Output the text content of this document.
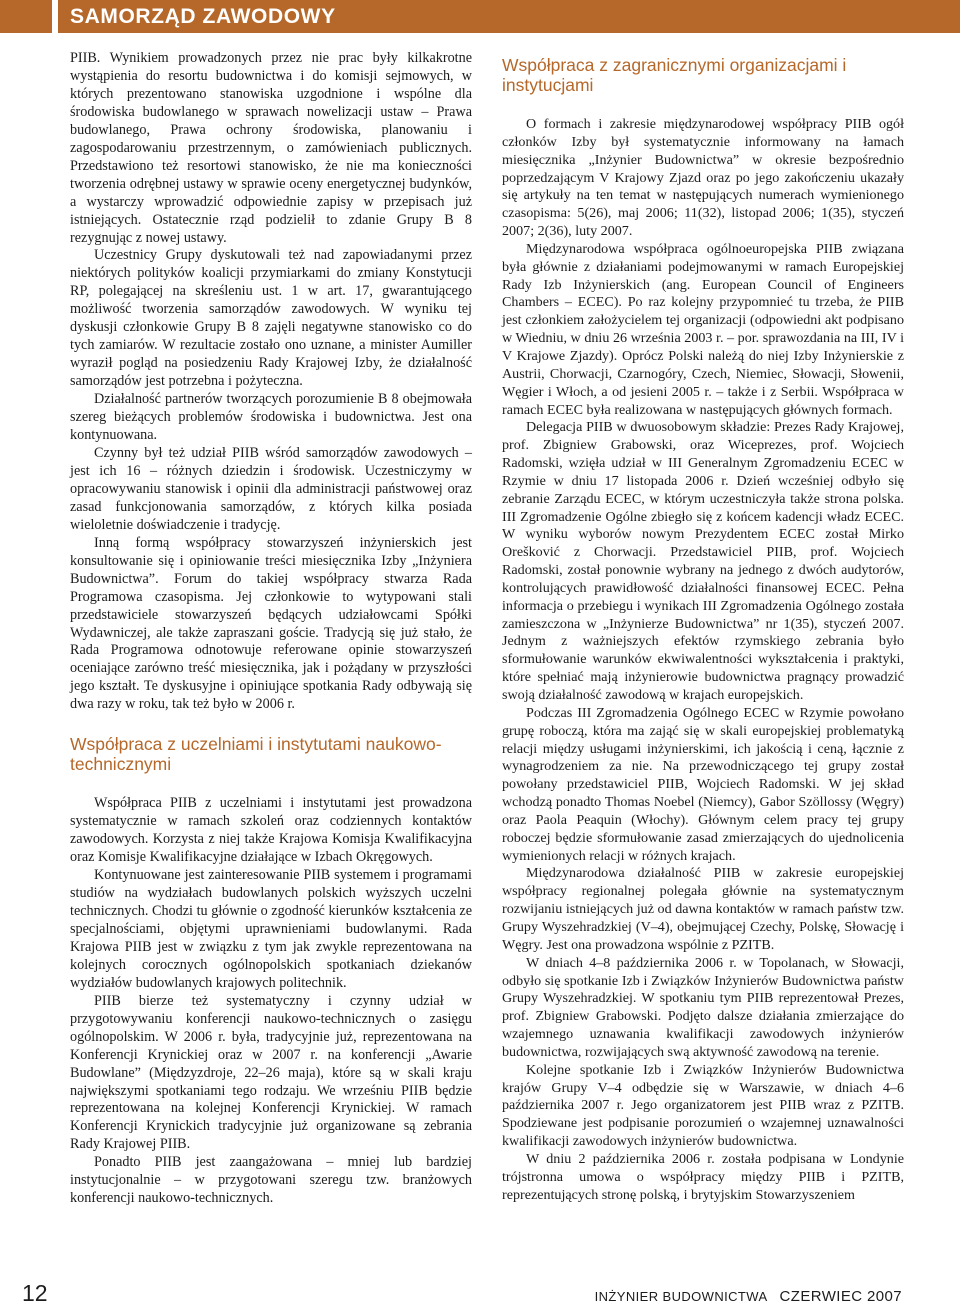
SAMORZĄD ZAWODOWY

PIIB. Wynikiem prowadzonych przez nie prac były kilkakrotne wystąpienia do resortu budownictwa i do komisji sejmowych, w których prezentowano stanowiska uzgodnione i wspólne dla środowiska budowlanego w sprawach nowelizacji ustaw – Prawa budowlanego, Prawa ochrony środowiska, planowaniu i zagospodarowaniu przestrzennym, o zamówieniach publicznych. Przedstawiono też resortowi stanowisko, że nie ma konieczności tworzenia odrębnej ustawy w sprawie oceny energetycznej budynków, a wystarczy wprowadzić odpowiednie zapisy w przepisach już istniejących. Ostatecznie rząd podzielił to zdanie Grupy B 8 rezygnując z nowej ustawy.

Uczestnicy Grupy dyskutowali też nad zapowiadanymi przez niektórych polityków koalicji przymiarkami do zmiany Konstytucji RP, polegającej na skreśleniu ust. 1 w art. 17, gwarantującego możliwość tworzenia samorządów zawodowych. W wyniku tej dyskusji członkowie Grupy B 8 zajęli negatywne stanowisko co do tych zamiarów. W rezultacie zostało ono uznane, a minister Aumiller wyraził pogląd na posiedzeniu Rady Krajowej Izby, że działalność samorządów jest potrzebna i pożyteczna.

Działalność partnerów tworzących porozumienie B 8 obejmowała szereg bieżących problemów środowiska i budownictwa. Jest ona kontynuowana.

Czynny był też udział PIIB wśród samorządów zawodowych – jest ich 16 – różnych dziedzin i środowisk. Uczestniczymy w opracowywaniu stanowisk i opinii dla administracji państwowej oraz zasad funkcjonowania samorządów, z których kilka posiada wieloletnie doświadczenie i tradycję.

Inną formą współpracy stowarzyszeń inżynierskich jest konsultowanie się i opiniowanie treści miesięcznika Izby „Inżyniera Budownictwa”. Forum do takiej współpracy stwarza Rada Programowa czasopisma. Jej członkowie to wytypowani stali przedstawiciele stowarzyszeń będących udziałowcami Spółki Wydawniczej, ale także zapraszani goście. Tradycją się już stało, że Rada Programowa odnotowuje referowane opinie stowarzyszeń oceniające zarówno treść miesięcznika, jak i pożądany w przyszłości jego kształt. Te dyskusyjne i opiniujące spotkania Rady odbywają się dwa razy w roku, tak też było w 2006 r.

Współpraca z uczelniami i instytutami naukowo-technicznymi

Współpraca PIIB z uczelniami i instytutami jest prowadzona systematycznie w ramach szkoleń oraz codziennych kontaktów zawodowych. Korzysta z niej także Krajowa Komisja Kwalifikacyjna oraz Komisje Kwalifikacyjne działające w Izbach Okręgowych.

Kontynuowane jest zainteresowanie PIIB systemem i programami studiów na wydziałach budowlanych polskich wyższych uczelni technicznych. Chodzi tu głównie o zgodność kierunków kształcenia ze specjalnościami, objętymi uprawnieniami budowlanymi. Rada Krajowa PIIB jest w związku z tym jak zwykle reprezentowana na kolejnych corocznych ogólnopolskich spotkaniach dziekanów wydziałów budowlanych krajowych politechnik.

PIIB bierze też systematyczny i czynny udział w przygotowywaniu konferencji naukowo-technicznych o zasięgu ogólnopolskim. W 2006 r. była, tradycyjnie już, reprezentowana na Konferencji Krynickiej oraz w 2007 r. na konferencji „Awarie Budowlane” (Międzyzdroje, 22–26 maja), które są w skali kraju największymi spotkaniami tego rodzaju. We wrześniu PIIB będzie reprezentowana na kolejnej Konferencji Krynickiej. W ramach Konferencji Krynickich tradycyjnie już organizowane są zebrania Rady Krajowej PIIB.

Ponadto PIIB jest zaangażowana – mniej lub bardziej instytucjonalnie – w przygotowani szeregu tzw. branżowych konferencji naukowo-technicznych.

Współpraca z zagranicznymi organizacjami i instytucjami

O formach i zakresie międzynarodowej współpracy PIIB ogół członków Izby był systematycznie informowany na łamach miesięcznika „Inżynier Budownictwa” w okresie bezpośrednio poprzedzającym V Krajowy Zjazd oraz po jego zakończeniu ukazały się artykuły na ten temat w następujących numerach wymienionego czasopisma: 5(26), maj 2006; 11(32), listopad 2006; 1(35), styczeń 2007; 2(36), luty 2007.

Międzynarodowa współpraca ogólnoeuropejska PIIB związana była głównie z działaniami podejmowanymi w ramach Europejskiej Rady Izb Inżynierskich (ang. European Council of Engineers Chambers – ECEC). Po raz kolejny przypomnieć tu trzeba, że PIIB jest członkiem założycielem tej organizacji (odpowiedni akt podpisano w Wiedniu, w dniu 26 września 2003 r. – por. sprawozdania na III, IV i V Krajowe Zjazdy). Oprócz Polski należą do niej Izby Inżynierskie z Austrii, Chorwacji, Czarnogóry, Czech, Niemiec, Słowacji, Słowenii, Węgier i Włoch, a od jesieni 2005 r. – także i z Serbii. Współpraca w ramach ECEC była realizowana w następujących głównych formach.

Delegacja PIIB w dwuosobowym składzie: Prezes Rady Krajowej, prof. Zbigniew Grabowski, oraz Wiceprezes, prof. Wojciech Radomski, wzięła udział w III Generalnym Zgromadzeniu ECEC w Rzymie w dniu 17 listopada 2006 r. Dzień wcześniej odbyło się zebranie Zarządu ECEC, w którym uczestniczyła także strona polska. III Zgromadzenie Ogólne zbiegło się z końcem kadencji władz ECEC. W wyniku wyborów nowym Prezydentem ECEC został Mirko Orešković z Chorwacji. Przedstawiciel PIIB, prof. Wojciech Radomski, został ponownie wybrany na jednego z dwóch audytorów, kontrolujących prawidłowość działalności finansowej ECEC. Pełna informacja o przebiegu i wynikach III Zgromadzenia Ogólnego została zamieszczona w „Inżynierze Budownictwa” nr 1(35), styczeń 2007. Jednym z ważniejszych efektów rzymskiego zebrania było sformułowanie warunków ekwiwalentności wykształcenia i praktyki, które spełniać mają inżynierowie budownictwa pragnący prowadzić swoją działalność zawodową w krajach europejskich.

Podczas III Zgromadzenia Ogólnego ECEC w Rzymie powołano grupę roboczą, która ma zająć się w skali europejskiej problematyką relacji między usługami inżynierskimi, ich jakością i ceną, łącznie z wynagrodzeniem za nie. Na przewodniczącego tej grupy został powołany przedstawiciel PIIB, Wojciech Radomski. W jej skład wchodzą ponadto Thomas Noebel (Niemcy), Gabor Szöllossy (Węgry) oraz Paola Peaquin (Włochy). Głównym celem pracy tej grupy roboczej będzie sformułowanie zasad zmierzających do ujednolicenia wymienionych relacji w różnych krajach.

Międzynarodowa działalność PIIB w zakresie europejskiej współpracy regionalnej polegała głównie na systematycznym rozwijaniu istniejących już od dawna kontaktów w ramach państw tzw. Grupy Wyszehradzkiej (V–4), obejmującej Czechy, Polskę, Słowację i Węgry. Jest ona prowadzona wspólnie z PZITB.

W dniach 4–8 października 2006 r. w Topolanach, w Słowacji, odbyło się spotkanie Izb i Związków Inżynierów Budownictwa państw Grupy Wyszehradzkiej. W spotkaniu tym PIIB reprezentował Prezes, prof. Zbigniew Grabowski. Podjęto dalsze działania zmierzające do wzajemnego uznawania kwalifikacji zawodowych inżynierów budownictwa, rozwijających swą aktywność zawodową na terenie.

Kolejne spotkanie Izb i Związków Inżynierów Budownictwa krajów Grupy V–4 odbędzie się w Warszawie, w dniach 4–6 października 2007 r. Jego organizatorem jest PIIB wraz z PZITB. Spodziewane jest podpisanie porozumień o wzajemnej uznawalności kwalifikacji zawodowych inżynierów budownictwa.

W dniu 2 października 2006 r. została podpisana w Londynie trójstronna umowa o współpracy między PIIB i PZITB, reprezentujących stronę polską, i brytyjskim Stowarzyszeniem

12	INŻYNIER BUDOWNICTWA CZERWIEC 2007
